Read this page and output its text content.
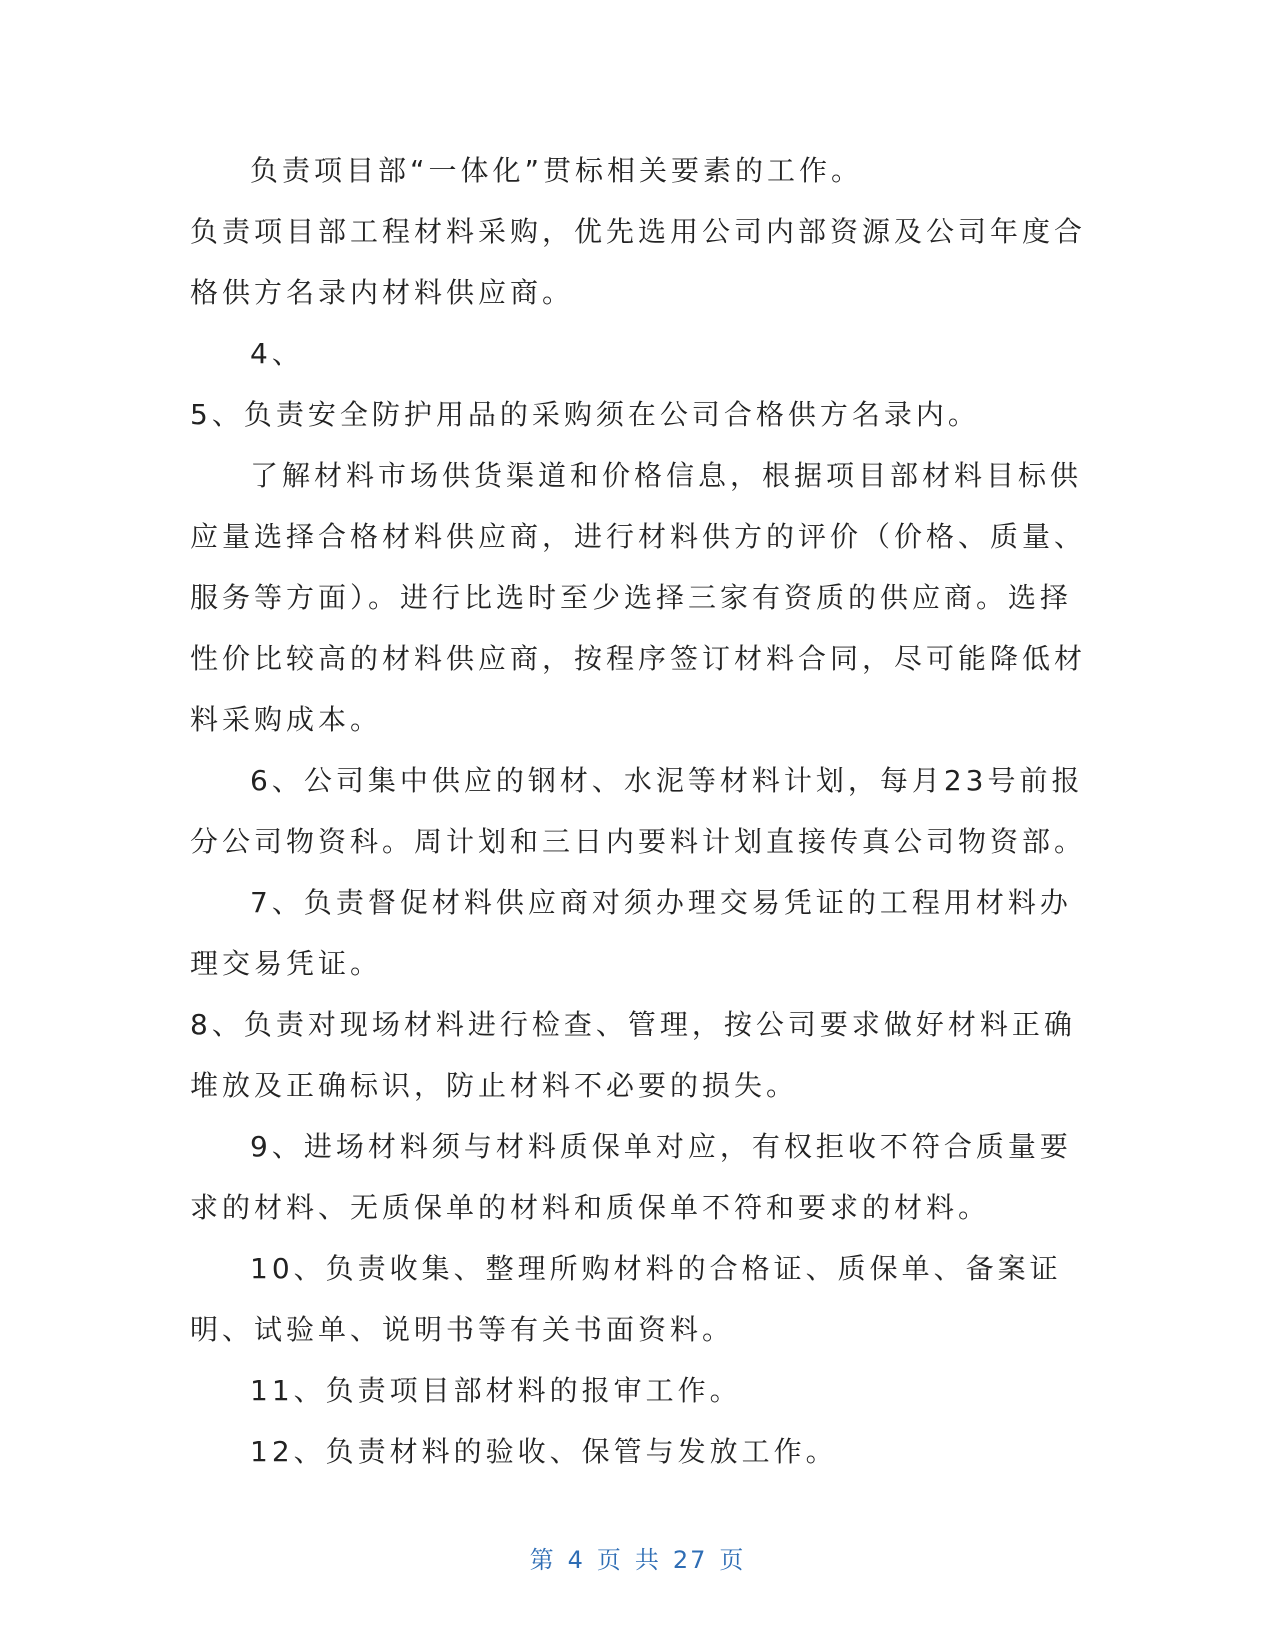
负责项目部“一体化”贯标相关要素的工作。

负责项目部工程材料采购，优先选用公司内部资源及公司年度合格供方名录内材料供应商。

4、

5、负责安全防护用品的采购须在公司合格供方名录内。

了解材料市场供货渠道和价格信息，根据项目部材料目标供应量选择合格材料供应商，进行材料供方的评价（价格、质量、服务等方面）。进行比选时至少选择三家有资质的供应商。选择性价比较高的材料供应商，按程序签订材料合同，尽可能降低材料采购成本。

6、公司集中供应的钢材、水泥等材料计划，每月23号前报分公司物资科。周计划和三日内要料计划直接传真公司物资部。

7、负责督促材料供应商对须办理交易凭证的工程用材料办理交易凭证。

8、负责对现场材料进行检查、管理，按公司要求做好材料正确堆放及正确标识，防止材料不必要的损失。

9、进场材料须与材料质保单对应，有权拒收不符合质量要求的材料、无质保单的材料和质保单不符和要求的材料。

10、负责收集、整理所购材料的合格证、质保单、备案证明、试验单、说明书等有关书面资料。

11、负责项目部材料的报审工作。

12、负责材料的验收、保管与发放工作。

第 4 页 共 27 页
